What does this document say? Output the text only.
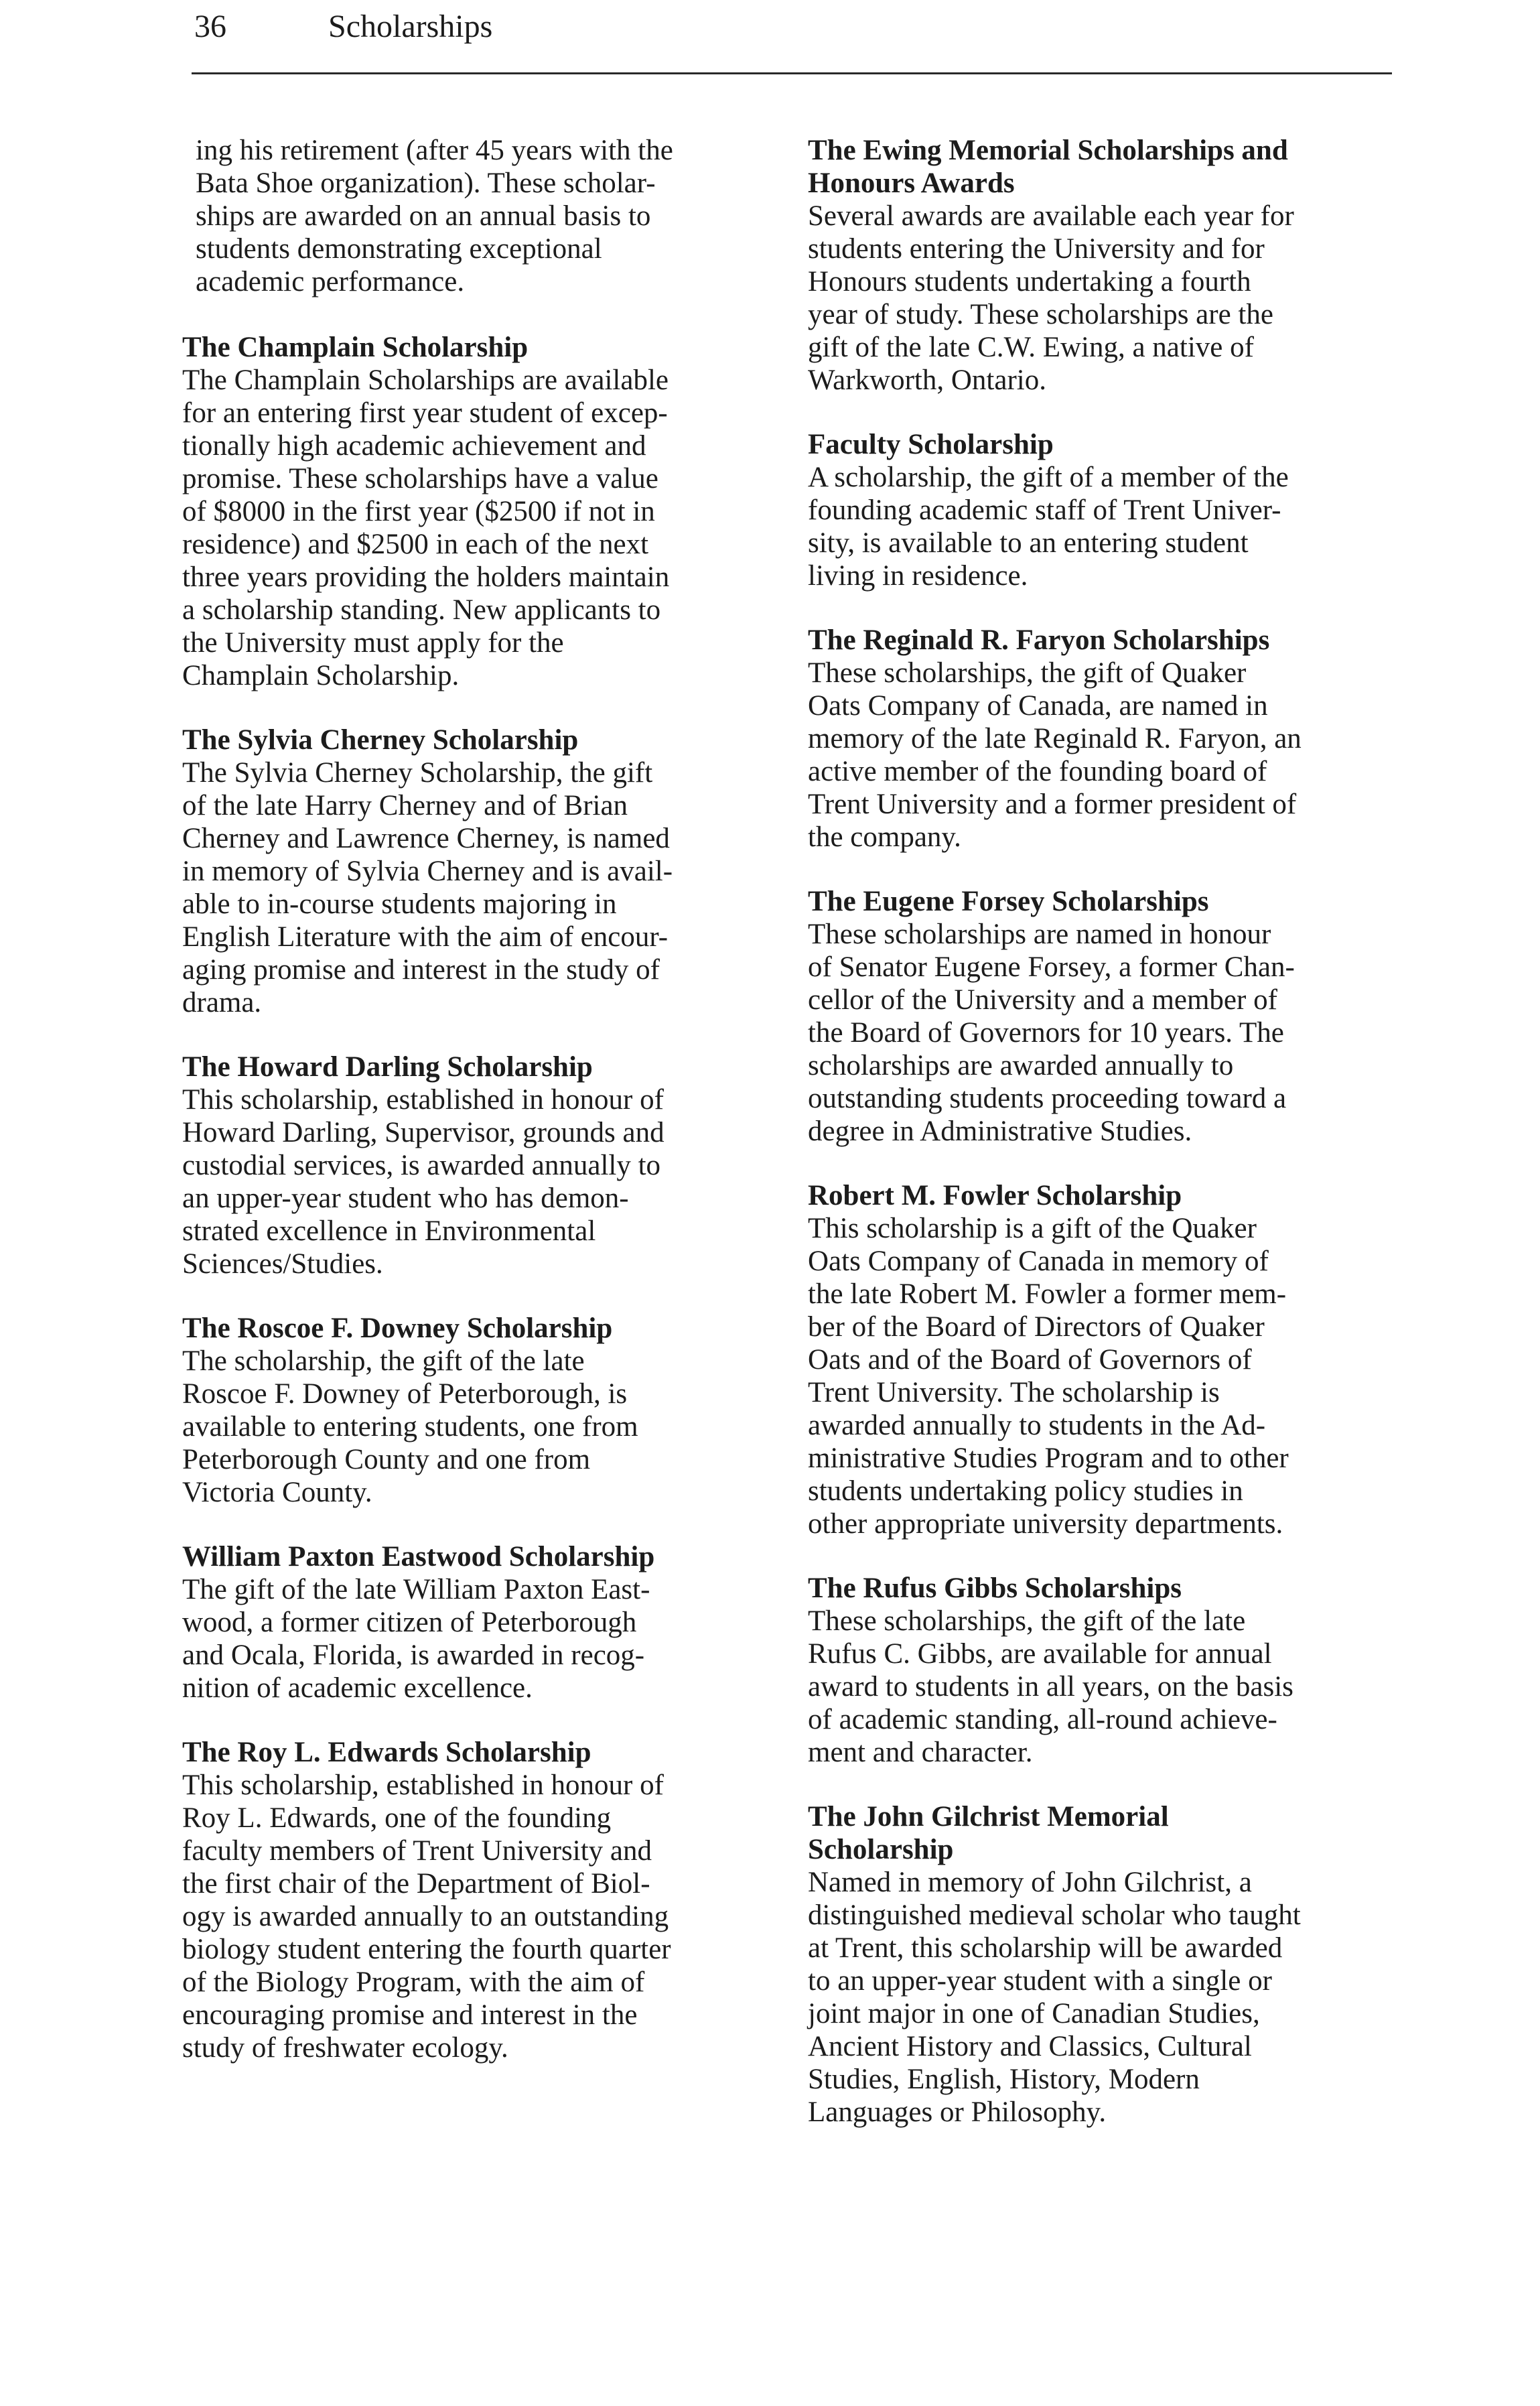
36	Scholarships

ing his retirement (after 45 years with the
Bata Shoe organization). These scholar-
ships are awarded on an annual basis to
students demonstrating exceptional
academic performance.

The Champlain Scholarship

The Champlain Scholarships are available
for an entering first year student of excep-
tionally high academic achievement and
promise. These scholarships have a value
of $8000 in the first year ($2500 if not in
residence) and $2500 in each of the next
three years providing the holders maintain
a scholarship standing. New applicants to
the University must apply for the
Champlain Scholarship.

The Sylvia Cherney Scholarship

The Sylvia Cherney Scholarship, the gift
of the late Harry Cherney and of Brian
Cherney and Lawrence Cherney, is named
in memory of Sylvia Cherney and is avail-
able to in-course students majoring in
English Literature with the aim of encour-
aging promise and interest in the study of
drama.

The Howard Darling Scholarship

This scholarship, established in honour of
Howard Darling, Supervisor, grounds and
custodial services, is awarded annually to
an upper-year student who has demon-
strated excellence in Environmental
Sciences/Studies.

The Roscoe F. Downey Scholarship

The scholarship, the gift of the late
Roscoe F. Downey of Peterborough, is
available to entering students, one from
Peterborough County and one from
Victoria County.

William Paxton Eastwood Scholarship

The gift of the late William Paxton East-
wood, a former citizen of Peterborough
and Ocala, Florida, is awarded in recog-
nition of academic excellence.

The Roy L. Edwards Scholarship

This scholarship, established in honour of
Roy L. Edwards, one of the founding
faculty members of Trent University and
the first chair of the Department of Biol-
ogy is awarded annually to an outstanding
biology student entering the fourth quarter
of the Biology Program, with the aim of
encouraging promise and interest in the
study of freshwater ecology.

The Ewing Memorial Scholarships and
Honours Awards

Several awards are available each year for
students entering the University and for
Honours students undertaking a fourth
year of study. These scholarships are the
gift of the late C.W. Ewing, a native of
Warkworth, Ontario.

Faculty Scholarship

A scholarship, the gift of a member of the
founding academic staff of Trent Univer-
sity, is available to an entering student
living in residence.

The Reginald R. Faryon Scholarships

These scholarships, the gift of Quaker
Oats Company of Canada, are named in
memory of the late Reginald R. Faryon, an
active member of the founding board of
Trent University and a former president of
the company.

The Eugene Forsey Scholarships

These scholarships are named in honour
of Senator Eugene Forsey, a former Chan-
cellor of the University and a member of
the Board of Governors for 10 years. The
scholarships are awarded annually to
outstanding students proceeding toward a
degree in Administrative Studies.

Robert M. Fowler Scholarship

This scholarship is a gift of the Quaker
Oats Company of Canada in memory of
the late Robert M. Fowler a former mem-
ber of the Board of Directors of Quaker
Oats and of the Board of Governors of
Trent University. The scholarship is
awarded annually to students in the Ad-
ministrative Studies Program and to other
students undertaking policy studies in
other appropriate university departments.

The Rufus Gibbs Scholarships

These scholarships, the gift of the late
Rufus C. Gibbs, are available for annual
award to students in all years, on the basis
of academic standing, all-round achieve-
ment and character.

The John Gilchrist Memorial
Scholarship

Named in memory of John Gilchrist, a
distinguished medieval scholar who taught
at Trent, this scholarship will be awarded
to an upper-year student with a single or
joint major in one of Canadian Studies,
Ancient History and Classics, Cultural
Studies, English, History, Modern
Languages or Philosophy.
